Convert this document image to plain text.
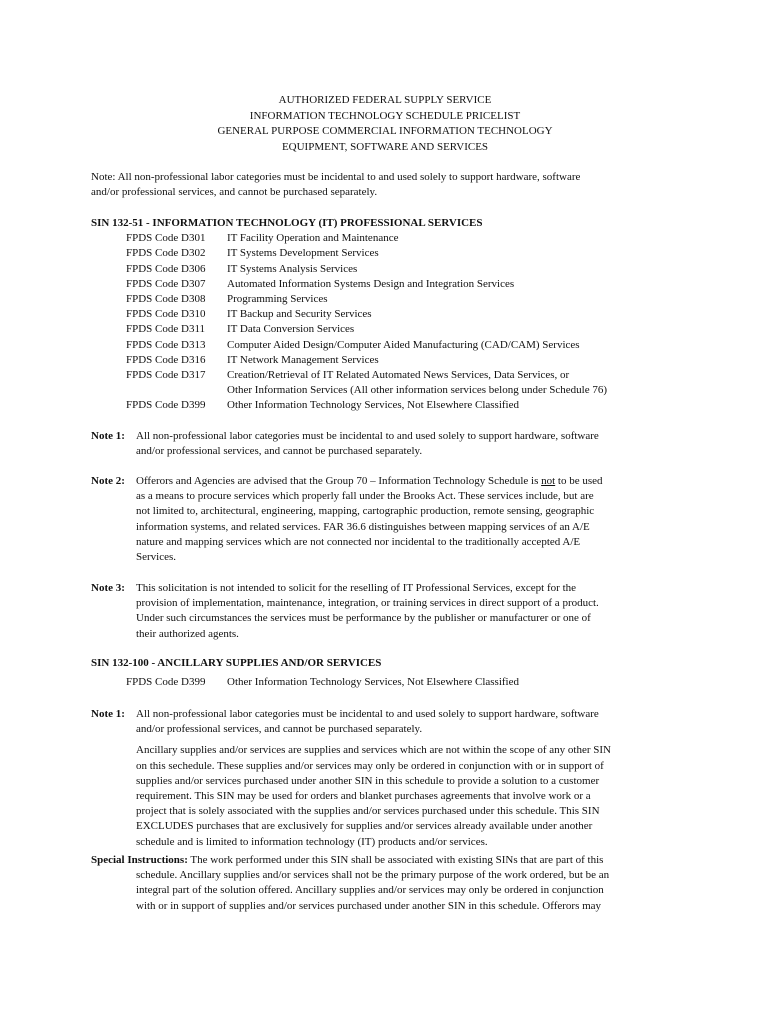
AUTHORIZED FEDERAL SUPPLY SERVICE
INFORMATION TECHNOLOGY SCHEDULE PRICELIST
GENERAL PURPOSE COMMERCIAL INFORMATION TECHNOLOGY
EQUIPMENT, SOFTWARE AND SERVICES
Note: All non-professional labor categories must be incidental to and used solely to support hardware, software
and/or professional services, and cannot be purchased separately.
SIN 132-51 - INFORMATION TECHNOLOGY (IT) PROFESSIONAL SERVICES
FPDS Code D301	IT Facility Operation and Maintenance
FPDS Code D302	IT Systems Development Services
FPDS Code D306	IT Systems Analysis Services
FPDS Code D307	Automated Information Systems Design and Integration Services
FPDS Code D308	Programming Services
FPDS Code D310	IT Backup and Security Services
FPDS Code D311	IT Data Conversion Services
FPDS Code D313	Computer Aided Design/Computer Aided Manufacturing (CAD/CAM) Services
FPDS Code D316	IT Network Management Services
FPDS Code D317	Creation/Retrieval of IT Related Automated News Services, Data Services, or
Other Information Services (All other information services belong under Schedule 76)
FPDS Code D399	Other Information Technology Services, Not Elsewhere Classified
Note 1:	All non-professional labor categories must be incidental to and used solely to support hardware, software
and/or professional services, and cannot be purchased separately.
Note 2:	Offerors and Agencies are advised that the Group 70 – Information Technology Schedule is not to be used
as a means to procure services which properly fall under the Brooks Act. These services include, but are
not limited to, architectural, engineering, mapping, cartographic production, remote sensing, geographic
information systems, and related services. FAR 36.6 distinguishes between mapping services of an A/E
nature and mapping services which are not connected nor incidental to the traditionally accepted A/E
Services.
Note 3:	This solicitation is not intended to solicit for the reselling of IT Professional Services, except for the
provision of implementation, maintenance, integration, or training services in direct support of a product.
Under such circumstances the services must be performance by the publisher or manufacturer or one of
their authorized agents.
SIN 132-100 - ANCILLARY SUPPLIES AND/OR SERVICES
FPDS Code D399	Other Information Technology Services, Not Elsewhere Classified
Note 1:	All non-professional labor categories must be incidental to and used solely to support hardware, software
and/or professional services, and cannot be purchased separately.
Ancillary supplies and/or services are supplies and services which are not within the scope of any other SIN
on this sechedule. These supplies and/or services may only be ordered in conjunction with or in support of
supplies and/or services purchased under another SIN in this schedule to provide a solution to a customer
requirement. This SIN may be used for orders and blanket purchases agreements that involve work or a
project that is solely associated with the supplies and/or services purchased under this schedule. This SIN
EXCLUDES purchases that are exclusively for supplies and/or services already available under another
schedule and is limited to information technology (IT) products and/or services.
Special Instructions: The work performed under this SIN shall be associated with existing SINs that are part of this
schedule. Ancillary supplies and/or services shall not be the primary purpose of the work ordered, but be an
integral part of the solution offered. Ancillary supplies and/or services may only be ordered in conjunction
with or in support of supplies and/or services purchased under another SIN in this schedule. Offerors may
